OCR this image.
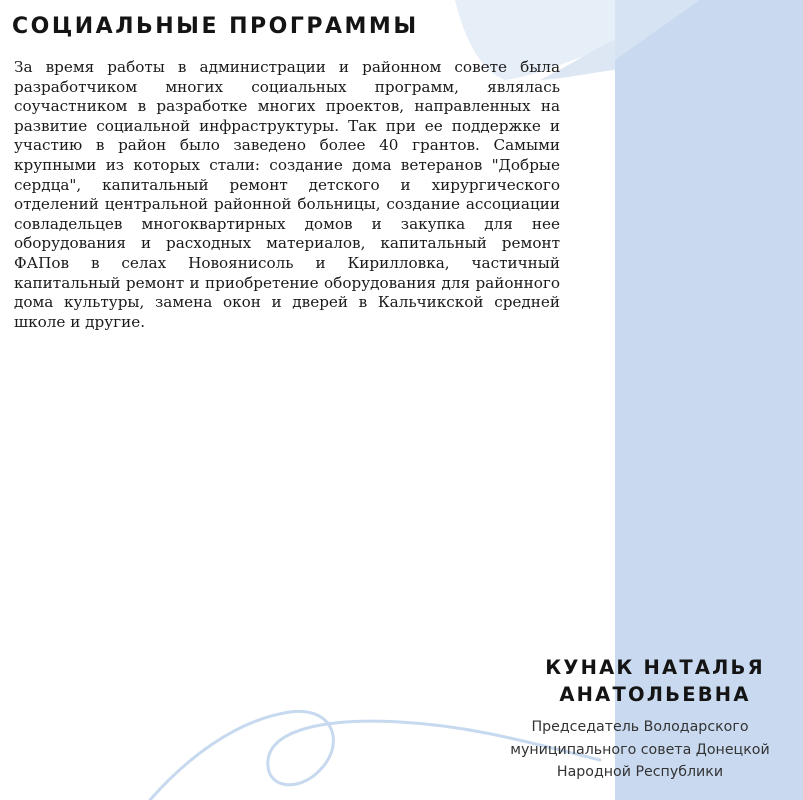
СОЦИАЛЬНЫЕ ПРОГРАММЫ
За время работы в администрации и районном совете была разработчиком многих социальных программ, являлась соучастником в разработке многих проектов, направленных на развитие социальной инфраструктуры. Так при ее поддержке и участию в район было заведено более 40 грантов. Самыми крупными из которых стали: создание дома ветеранов "Добрые сердца", капитальный ремонт детского и хирургического отделений центральной районной больницы, создание ассоциации совладельцев многоквартирных домов и закупка для нее оборудования и расходных материалов, капитальный ремонт ФАПов в селах Новоянисоль и Кирилловка, частичный капитальный ремонт и приобретение оборудования для районного дома культуры, замена окон и дверей в Кальчикской средней школе и другие.
КУНАК НАТАЛЬЯ
АНАТОЛЬЕВНА
Председатель Володарского муниципального совета Донецкой Народной Республики
